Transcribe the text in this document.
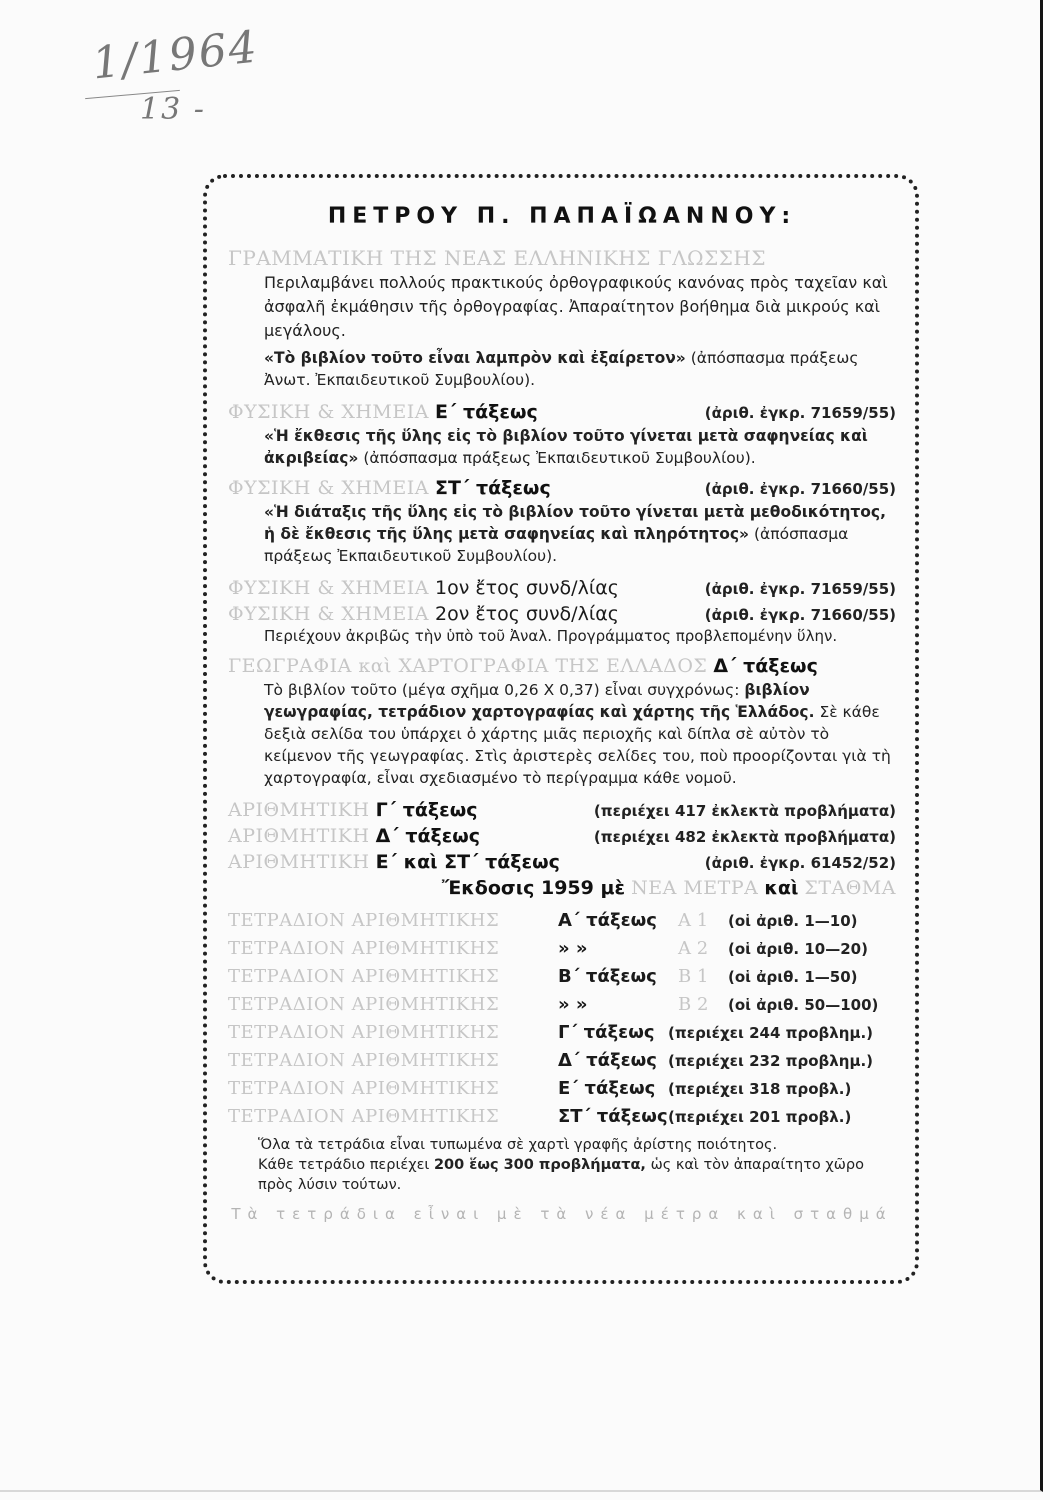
1/1964
13 -
ΠΕΤΡΟΥ Π. ΠΑΠΑΪΩΑΝΝΟΥ:
ΓΡΑΜΜΑΤΙΚΗ ΤΗΣ ΝΕΑΣ ΕΛΛΗΝΙΚΗΣ ΓΛΩΣΣΗΣ
Περιλαμβάνει πολλούς πρακτικούς ὀρθογραφικούς κανόνας πρὸς ταχεῖαν καὶ ἀσφαλῆ ἐκμάθησιν τῆς ὀρθογραφίας. Ἀπαραίτητον βοήθημα διὰ μικρούς καὶ μεγάλους.
«Τὸ βιβλίον τοῦτο εἶναι λαμπρὸν καὶ ἐξαίρετον» (ἀπόσπασμα πράξεως Ἀνωτ. Ἐκπαιδευτικοῦ Συμβουλίου).
ΦΥΣΙΚΗ & ΧΗΜΕΙΑ Ε΄ τάξεως	(ἀριθ. ἐγκρ. 71659/55)
«Ἡ ἔκθεσις τῆς ὕλης εἰς τὸ βιβλίον τοῦτο γίνεται μετὰ σαφηνείας καὶ ἀκριβείας» (ἀπόσπασμα πράξεως Ἐκπαιδευτικοῦ Συμβουλίου).
ΦΥΣΙΚΗ & ΧΗΜΕΙΑ ΣΤ΄ τάξεως	(ἀριθ. ἐγκρ. 71660/55)
«Ἡ διάταξις τῆς ὕλης εἰς τὸ βιβλίον τοῦτο γίνεται μετὰ μεθοδικότητος, ἡ δὲ ἔκθεσις τῆς ὕλης μετὰ σαφηνείας καὶ πληρότητος» (ἀπόσπασμα πράξεως Ἐκπαιδευτικοῦ Συμβουλίου).
ΦΥΣΙΚΗ & ΧΗΜΕΙΑ 1ον ἔτος συνδ/λίας	(ἀριθ. ἐγκρ. 71659/55)
ΦΥΣΙΚΗ & ΧΗΜΕΙΑ 2ον ἔτος συνδ/λίας	(ἀριθ. ἐγκρ. 71660/55)
Περιέχουν ἀκριβῶς τὴν ὑπὸ τοῦ Ἀναλ. Προγράμματος προβλεπομένην ὕλην.
ΓΕΩΓΡΑΦΙΑ καὶ ΧΑΡΤΟΓΡΑΦΙΑ ΤΗΣ ΕΛΛΑΔΟΣ Δ΄ τάξεως
Τὸ βιβλίον τοῦτο (μέγα σχῆμα 0,26 Χ 0,37) εἶναι συγχρόνως: βιβλίον γεωγραφίας, τετράδιον χαρτογραφίας καὶ χάρτης τῆς Ἑλλάδος. Σὲ κάθε δεξιὰ σελίδα του ὑπάρχει ὁ χάρτης μιᾶς περιοχῆς καὶ δίπλα σὲ αὐτὸν τὸ κείμενον τῆς γεωγραφίας. Στὶς ἀριστερὲς σελίδες του, ποὺ προορίζονται γιὰ τὴ χαρτογραφία, εἶναι σχεδιασμένο τὸ περίγραμμα κάθε νομοῦ.
ΑΡΙΘΜΗΤΙΚΗ Γ΄ τάξεως	(περιέχει 417 ἐκλεκτὰ προβλήματα)
ΑΡΙΘΜΗΤΙΚΗ Δ΄ τάξεως	(περιέχει 482 ἐκλεκτὰ προβλήματα)
ΑΡΙΘΜΗΤΙΚΗ Ε΄ καὶ ΣΤ΄ τάξεως	(ἀριθ. ἐγκρ. 61452/52)
Ἔκδοσις 1959 μὲ ΝΕΑ ΜΕΤΡΑ καὶ ΣΤΑΘΜΑ
ΤΕΤΡΑΔΙΟΝ ΑΡΙΘΜΗΤΙΚΗΣ	Α΄ τάξεως Α 1 (οἱ ἀριθ. 1—10)
ΤΕΤΡΑΔΙΟΝ ΑΡΙΘΜΗΤΙΚΗΣ	» »	Α 2 (οἱ ἀριθ. 10—20)
ΤΕΤΡΑΔΙΟΝ ΑΡΙΘΜΗΤΙΚΗΣ	Β΄ τάξεως Β 1 (οἱ ἀριθ. 1—50)
ΤΕΤΡΑΔΙΟΝ ΑΡΙΘΜΗΤΙΚΗΣ	» »	Β 2 (οἱ ἀριθ. 50—100)
ΤΕΤΡΑΔΙΟΝ ΑΡΙΘΜΗΤΙΚΗΣ	Γ΄ τάξεως (περιέχει 244 προβλημ.)
ΤΕΤΡΑΔΙΟΝ ΑΡΙΘΜΗΤΙΚΗΣ	Δ΄ τάξεως (περιέχει 232 προβλημ.)
ΤΕΤΡΑΔΙΟΝ ΑΡΙΘΜΗΤΙΚΗΣ	Ε΄ τάξεως (περιέχει 318 προβλ.)
ΤΕΤΡΑΔΙΟΝ ΑΡΙΘΜΗΤΙΚΗΣ	ΣΤ΄ τάξεως(περιέχει 201 προβλ.)
Ὅλα τὰ τετράδια εἶναι τυπωμένα σὲ χαρτὶ γραφῆς ἀρίστης ποιότητος.
Κάθε τετράδιο περιέχει 200 ἕως 300 προβλήματα, ὡς καὶ τὸν ἀπαραίτητο χῶρο πρὸς λύσιν τούτων.
Τὰ τετράδια εἶναι μὲ τὰ νέα μέτρα καὶ σταθμά
